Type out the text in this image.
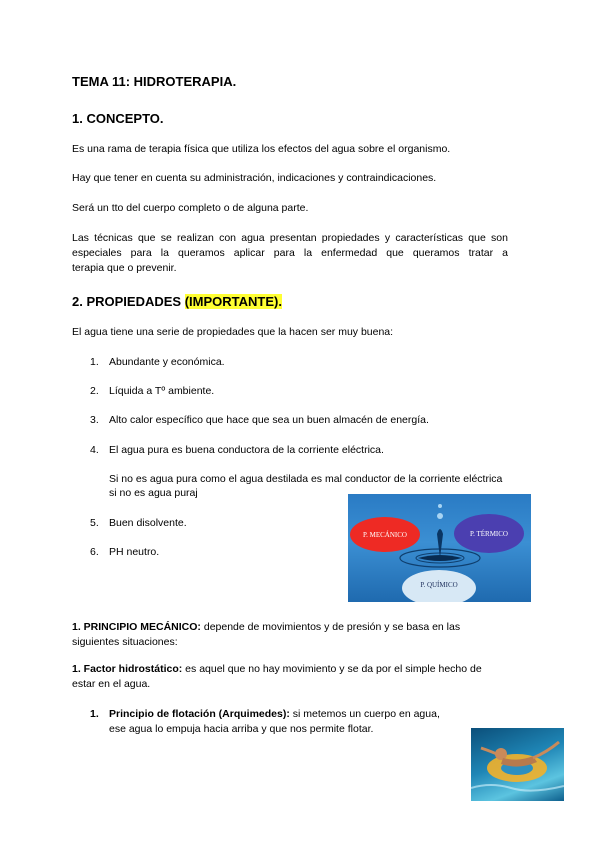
TEMA 11: HIDROTERAPIA.
1. CONCEPTO.
Es una rama de terapia física que utiliza los efectos del agua sobre el organismo.
Hay que tener en cuenta su administración, indicaciones y contraindicaciones.
Será un tto del cuerpo completo o de alguna parte.
Las técnicas que se realizan con agua presentan propiedades y características que son
especiales para la queramos aplicar para la enfermedad que queramos tratar a
terapia que o prevenir.
2. PROPIEDADES (IMPORTANTE).
El agua tiene una serie de propiedades que la hacen ser muy buena:
1. Abundante y económica.
2. Líquida a Tº ambiente.
3. Alto calor específico que hace que sea un buen almacén de energía.
4. El agua pura es buena conductora de la corriente eléctrica.
Si no es agua pura como el agua destilada es mal conductor de la corriente eléctrica
si no es agua puraj
5. Buen disolvente.
6. PH neutro.
P. MECÁNICO	P. TÉRMICO
P. QUÍMICO
1. PRINCIPIO MECÁNICO: depende de movimientos y de presión y se basa en las
siguientes situaciones:
1. Factor hidrostático: es aquel que no hay movimiento y se da por el simple hecho de
estar en el agua.
1. Principio de flotación (Arquimedes): si metemos un cuerpo en agua,
ese agua lo empuja hacia arriba y que nos permite flotar.
